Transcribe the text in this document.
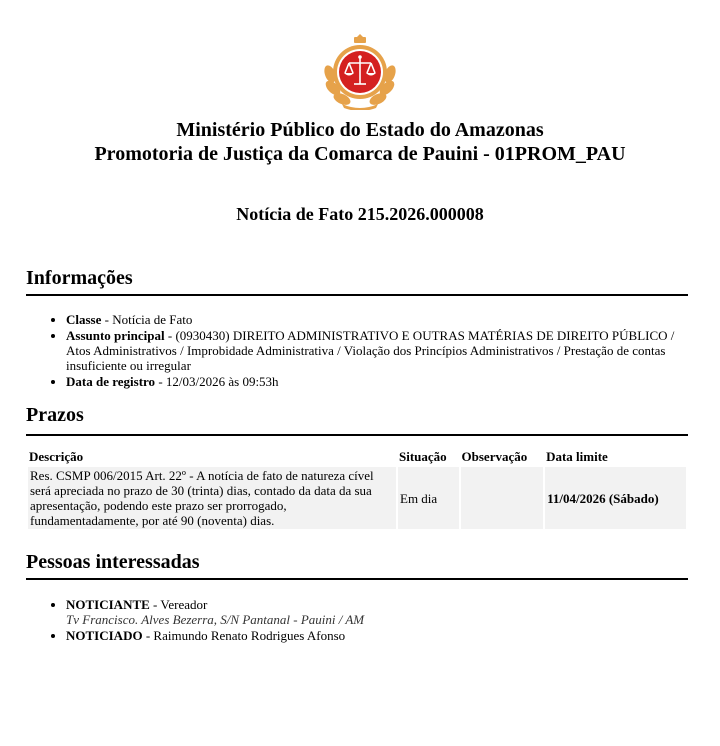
Ministério Público do Estado do Amazonas
Promotoria de Justiça da Comarca de Pauini - 01PROM_PAU
Notícia de Fato 215.2026.000008
Informações
• Classe - Notícia de Fato
• Assunto principal - (0930430) DIREITO ADMINISTRATIVO E OUTRAS MATÉRIAS DE DIREITO PÚBLICO / Atos Administrativos / Improbidade Administrativa / Violação dos Princípios Administrativos / Prestação de contas insuficiente ou irregular
• Data de registro - 12/03/2026 às 09:53h
Prazos
Descrição	Situação	Observação	Data limite
Res. CSMP 006/2015 Art. 22º - A notícia de fato de natureza cível será apreciada no prazo de 30 (trinta) dias, contado da data da sua apresentação, podendo este prazo ser prorrogado, fundamentadamente, por até 90 (noventa) dias.	Em dia		11/04/2026 (Sábado)
Pessoas interessadas
• NOTICIANTE - Vereador
Tv Francisco. Alves Bezerra, S/N Pantanal - Pauini / AM
• NOTICIADO - Raimundo Renato Rodrigues Afonso
